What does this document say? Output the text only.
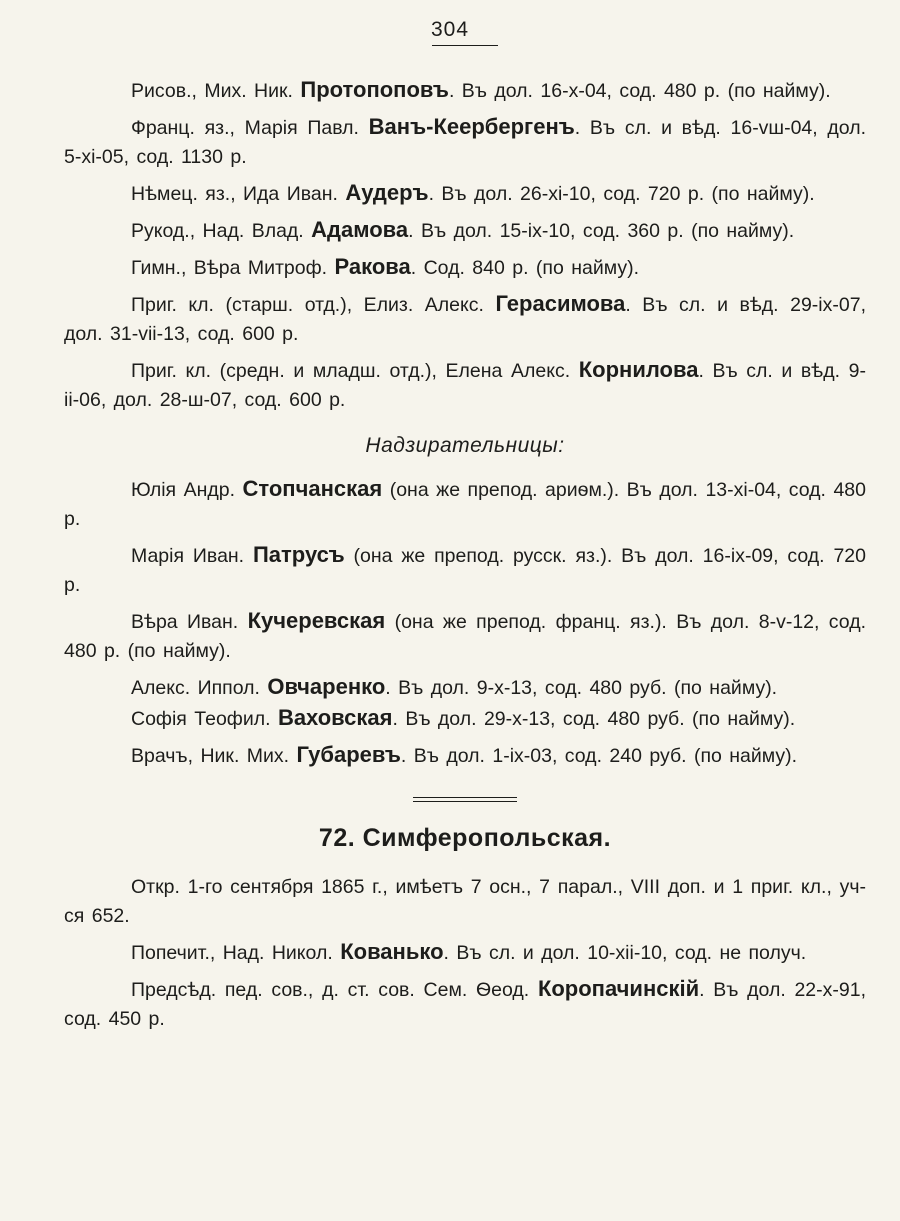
304

Рисов., Мих. Ник. Протопоповъ. Въ дол. 16-х-04, сод. 480 р. (по найму).

Франц. яз., Марія Павл. Ванъ-Кеербергенъ. Въ сл. и вѣд. 16-vш-04, дол. 5-хі-05, сод. 1130 р.

Нѣмец. яз., Ида Иван. Аудеръ. Въ дол. 26-хі-10, сод. 720 р. (по найму).

Рукод., Над. Влад. Адамова. Въ дол. 15-іх-10, сод. 360 р. (по найму).

Гимн., Вѣра Митроф. Ракова. Сод. 840 р. (по найму).

Приг. кл. (старш. отд.), Елиз. Алекс. Герасимова. Въ сл. и вѣд. 29-іх-07, дол. 31-vіі-13, сод. 600 р.

Приг. кл. (средн. и младш. отд.), Елена Алекс. Корнилова. Въ сл. и вѣд. 9-іі-06, дол. 28-ш-07, сод. 600 р.

Надзирательницы:

Юлія Андр. Стопчанская (она же препод. ариѳм.). Въ дол. 13-хі-04, сод. 480 р.

Марія Иван. Патрусъ (она же препод. русск. яз.). Въ дол. 16-іх-09, сод. 720 р.

Вѣра Иван. Кучеревская (она же препод. франц. яз.). Въ дол. 8-v-12, сод. 480 р. (по найму).

Алекс. Иппол. Овчаренко. Въ дол. 9-х-13, сод. 480 руб. (по найму).

Софія Теофил. Ваховская. Въ дол. 29-х-13, сод. 480 руб. (по найму).

Врачъ, Ник. Мих. Губаревъ. Въ дол. 1-іх-03, сод. 240 руб. (по найму).

72. Симферопольская.

Откр. 1-го сентября 1865 г., имѣетъ 7 осн., 7 парал., VIII доп. и 1 приг. кл., уч-ся 652.

Попечит., Над. Никол. Кованько. Въ сл. и дол. 10-хіі-10, сод. не получ.

Предсѣд. пед. сов., д. ст. сов. Сем. Ѳеод. Коропачинскій. Въ дол. 22-х-91, сод. 450 р.
